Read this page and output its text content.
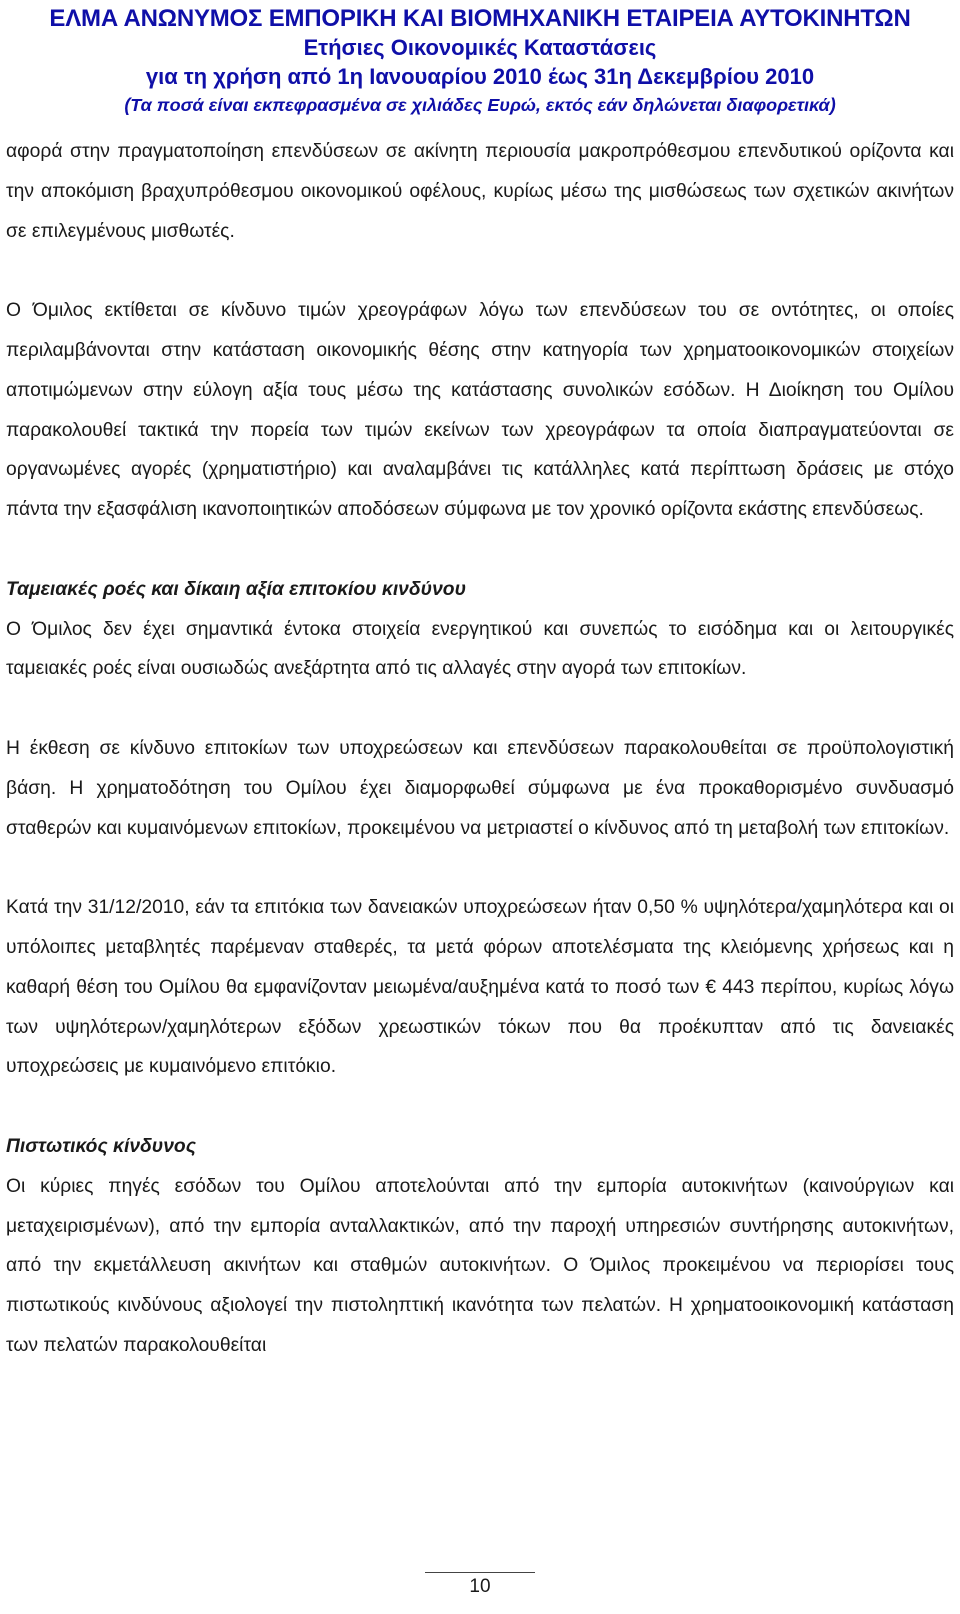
ΕΛΜΑ ΑΝΩΝΥΜΟΣ ΕΜΠΟΡΙΚΗ ΚΑΙ ΒΙΟΜΗΧΑΝΙΚΗ ΕΤΑΙΡΕΙΑ ΑΥΤΟΚΙΝΗΤΩΝ
Ετήσιες Οικονομικές Καταστάσεις
για τη χρήση από 1η Ιανουαρίου 2010 έως 31η Δεκεμβρίου 2010
(Τα ποσά είναι εκπεφρασμένα σε χιλιάδες Ευρώ, εκτός εάν δηλώνεται διαφορετικά)

αφορά στην πραγματοποίηση επενδύσεων σε ακίνητη περιουσία μακροπρόθεσμου επενδυτικού ορίζοντα και την αποκόμιση βραχυπρόθεσμου οικονομικού οφέλους, κυρίως μέσω της μισθώσεως των σχετικών ακινήτων σε επιλεγμένους μισθωτές.

Ο Όμιλος εκτίθεται σε κίνδυνο τιμών χρεογράφων λόγω των επενδύσεων του σε οντότητες, οι οποίες περιλαμβάνονται στην κατάσταση οικονομικής θέσης στην κατηγορία των χρηματοοικονομικών στοιχείων αποτιμώμενων στην εύλογη αξία τους μέσω της κατάστασης συνολικών εσόδων. Η Διοίκηση του Ομίλου παρακολουθεί τακτικά την πορεία των τιμών εκείνων των χρεογράφων τα οποία διαπραγματεύονται σε οργανωμένες αγορές (χρηματιστήριο) και αναλαμβάνει τις κατάλληλες κατά περίπτωση δράσεις με στόχο πάντα την εξασφάλιση ικανοποιητικών αποδόσεων σύμφωνα με τον χρονικό ορίζοντα εκάστης επενδύσεως.

Ταμειακές ροές και δίκαιη αξία επιτοκίου κινδύνου

Ο Όμιλος δεν έχει σημαντικά έντοκα στοιχεία ενεργητικού και συνεπώς το εισόδημα και οι λειτουργικές ταμειακές ροές είναι ουσιωδώς ανεξάρτητα από τις αλλαγές στην αγορά των επιτοκίων.

Η έκθεση σε κίνδυνο επιτοκίων των υποχρεώσεων και επενδύσεων παρακολουθείται σε προϋπολογιστική βάση. Η χρηματοδότηση του Ομίλου έχει διαμορφωθεί σύμφωνα με ένα προκαθορισμένο συνδυασμό σταθερών και κυμαινόμενων επιτοκίων, προκειμένου να μετριαστεί ο κίνδυνος από τη μεταβολή των επιτοκίων.

Κατά την 31/12/2010, εάν τα επιτόκια των δανειακών υποχρεώσεων ήταν 0,50 % υψηλότερα/χαμηλότερα και οι υπόλοιπες μεταβλητές παρέμεναν σταθερές, τα μετά φόρων αποτελέσματα της κλειόμενης χρήσεως και η καθαρή θέση του Ομίλου θα εμφανίζονταν μειωμένα/αυξημένα κατά το ποσό των € 443 περίπου, κυρίως λόγω των υψηλότερων/χαμηλότερων εξόδων χρεωστικών τόκων που θα προέκυπταν από τις δανειακές υποχρεώσεις με κυμαινόμενο επιτόκιο.

Πιστωτικός κίνδυνος

Οι κύριες πηγές εσόδων του Ομίλου αποτελούνται από την εμπορία αυτοκινήτων (καινούργιων και μεταχειρισμένων), από την εμπορία ανταλλακτικών, από την παροχή υπηρεσιών συντήρησης αυτοκινήτων, από την εκμετάλλευση ακινήτων και σταθμών αυτοκινήτων. Ο Όμιλος προκειμένου να περιορίσει τους πιστωτικούς κινδύνους αξιολογεί την πιστοληπτική ικανότητα των πελατών. Η χρηματοοικονομική κατάσταση των πελατών παρακολουθείται

10
